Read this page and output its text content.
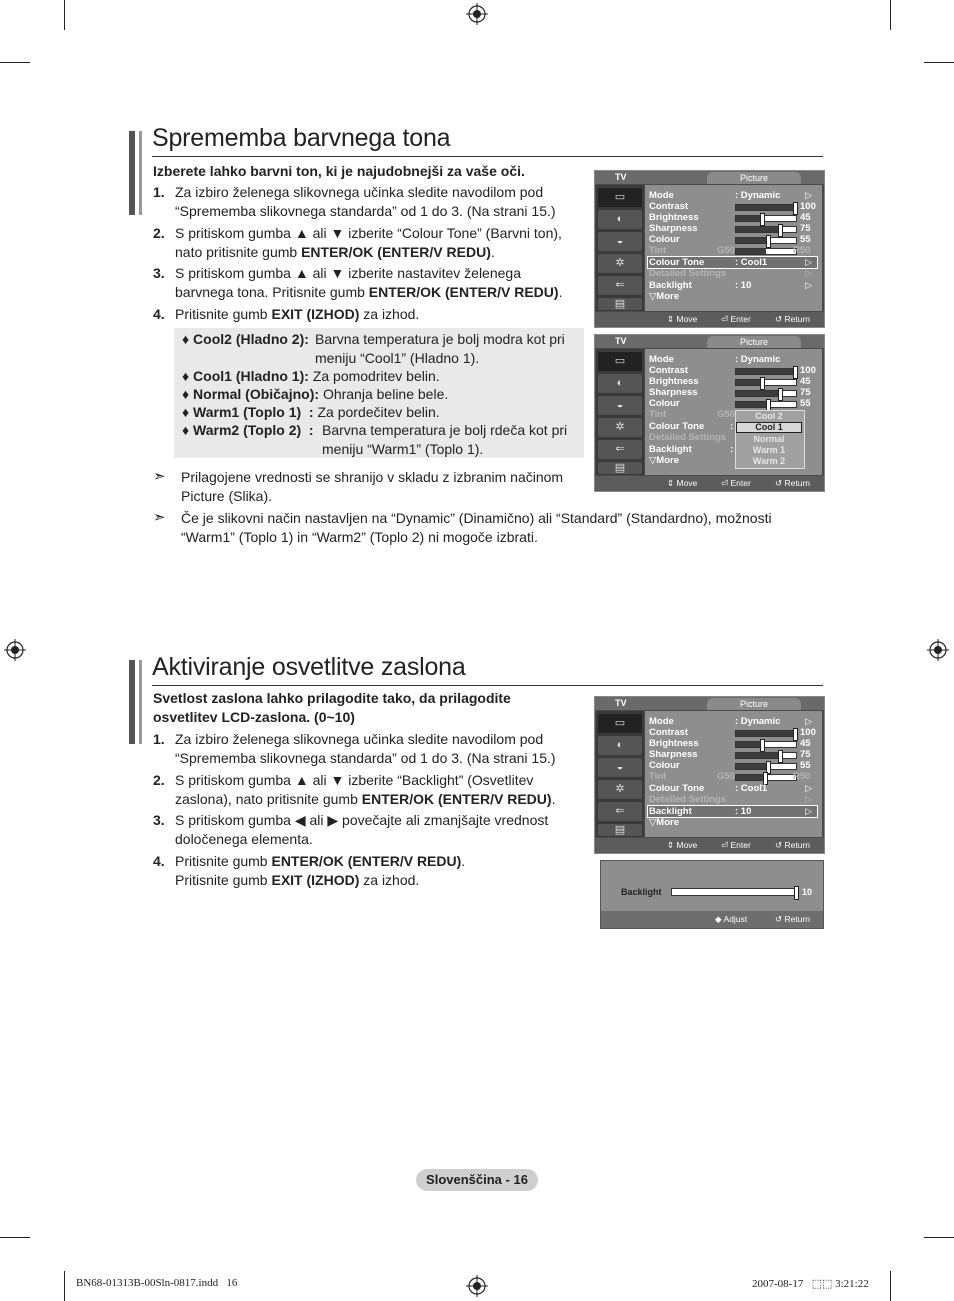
Sprememba barvnega tona
Izberete lahko barvni ton, ki je najudobnejši za vaše oči.
1. Za izbiro želenega slikovnega učinka sledite navodilom pod
“Sprememba slikovnega standarda” od 1 do 3. (Na strani 15.)
2. S pritiskom gumba ▲ ali ▼ izberite “Colour Tone” (Barvni ton),
nato pritisnite gumb ENTER/OK (ENTER/V REDU).
3. S pritiskom gumba ▲ ali ▼ izberite nastavitev želenega
barvnega tona. Pritisnite gumb ENTER/OK (ENTER/V REDU).
4. Pritisnite gumb EXIT (IZHOD) za izhod.
♦ Cool2 (Hladno 2): Barvna temperatura je bolj modra kot pri
meniju “Cool1” (Hladno 1).
♦ Cool1 (Hladno 1): Za pomodritev belin.
♦ Normal (Običajno): Ohranja beline bele.
♦ Warm1 (Toplo 1)  : Za pordečitev belin.
♦ Warm2 (Toplo 2)  : Barvna temperatura je bolj rdeča kot pri
meniju “Warm1” (Toplo 1).
➣ Prilagojene vrednosti se shranijo v skladu z izbranim načinom
Picture (Slika).
➣ Če je slikovni način nastavljen na “Dynamic” (Dinamično) ali “Standard” (Standardno), možnosti
“Warm1” (Toplo 1) in “Warm2” (Toplo 2) ni mogoče izbrati.
TV	Picture
▭
◐
◒
✲
⇐
▤
Mode	: Dynamic	▷
Contrast	100
Brightness	45
Sharpness	75
Colour	55
Tint	G50	R50
Colour Tone	: Cool1	▷
Detailed Settings	▷
Backlight	: 10	▷
▽More
⇕ Move	⏎ Enter	↺ Return
TV	Picture
▭
◐
◒
✲
⇐
▤
Mode	: Dynamic
Contrast	100
Brightness	45
Sharpness	75
Colour	55
Tint	G50
Colour Tone	:
Detailed Settings
Backlight	:
▽More
Cool 2
Cool 1
Normal
Warm 1
Warm 2
⇕ Move	⏎ Enter	↺ Return
Aktiviranje osvetlitve zaslona
Svetlost zaslona lahko prilagodite tako, da prilagodite
osvetlitev LCD-zaslona. (0~10)
1. Za izbiro želenega slikovnega učinka sledite navodilom pod
“Sprememba slikovnega standarda” od 1 do 3. (Na strani 15.)
2. S pritiskom gumba ▲ ali ▼ izberite “Backlight” (Osvetlitev
zaslona), nato pritisnite gumb ENTER/OK (ENTER/V REDU).
3. S pritiskom gumba ◀ ali ▶ povečajte ali zmanjšajte vrednost
določenega elementa.
4. Pritisnite gumb ENTER/OK (ENTER/V REDU).
Pritisnite gumb EXIT (IZHOD) za izhod.
TV	Picture
▭
◐
◒
✲
⇐
▤
Mode	: Dynamic	▷
Contrast	100
Brightness	45
Sharpness	75
Colour	55
Tint	G50	R50
Colour Tone	: Cool1	▷
Detailed Settings	▷
Backlight	: 10	▷
▽More
⇕ Move	⏎ Enter	↺ Return
Backlight	10
◆ Adjust	↺ Return
Slovenščina - 16
BN68-01313B-00Sln-0817.indd   16	2007-08-17   ⬚⬚ 3:21:22
